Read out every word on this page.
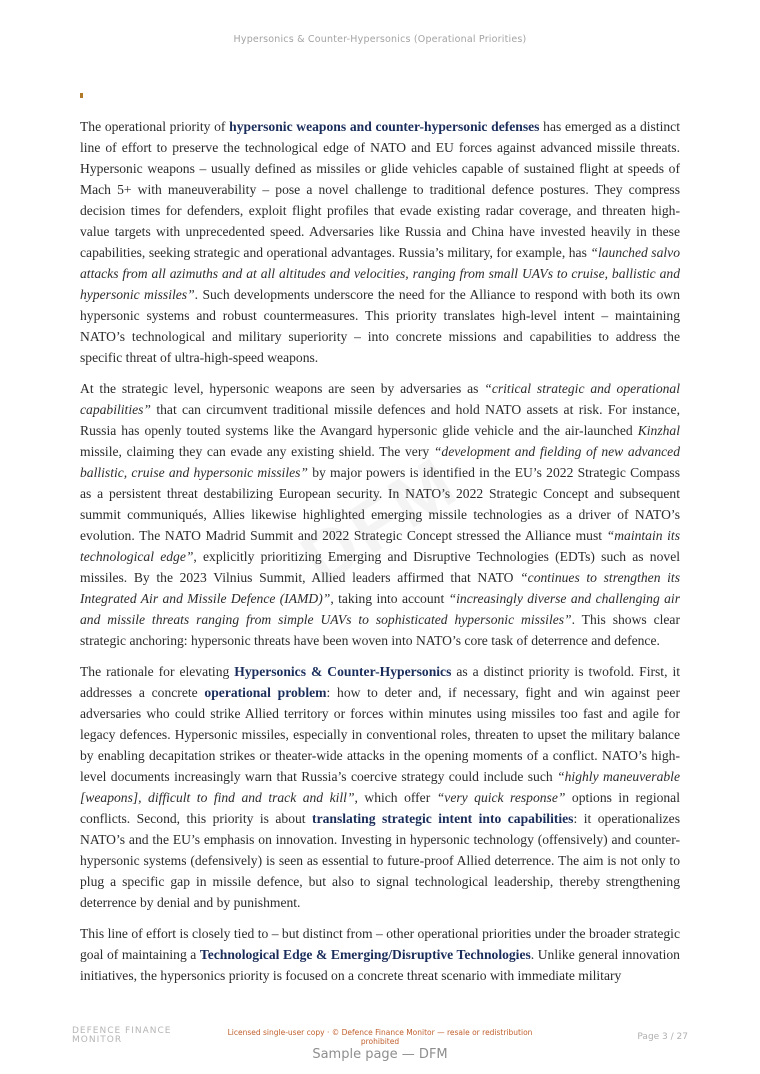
Hypersonics & Counter-Hypersonics (Operational Priorities)

The operational priority of hypersonic weapons and counter-hypersonic defenses has emerged as a distinct line of effort to preserve the technological edge of NATO and EU forces against advanced missile threats. Hypersonic weapons – usually defined as missiles or glide vehicles capable of sustained flight at speeds of Mach 5+ with maneuverability – pose a novel challenge to traditional defence postures. They compress decision times for defenders, exploit flight profiles that evade existing radar coverage, and threaten high-value targets with unprecedented speed. Adversaries like Russia and China have invested heavily in these capabilities, seeking strategic and operational advantages. Russia’s military, for example, has “launched salvo attacks from all azimuths and at all altitudes and velocities, ranging from small UAVs to cruise, ballistic and hypersonic missiles”. Such developments underscore the need for the Alliance to respond with both its own hypersonic systems and robust countermeasures. This priority translates high-level intent – maintaining NATO’s technological and military superiority – into concrete missions and capabilities to address the specific threat of ultra-high-speed weapons.

At the strategic level, hypersonic weapons are seen by adversaries as “critical strategic and operational capabilities” that can circumvent traditional missile defences and hold NATO assets at risk. For instance, Russia has openly touted systems like the Avangard hypersonic glide vehicle and the air-launched Kinzhal missile, claiming they can evade any existing shield. The very “development and fielding of new advanced ballistic, cruise and hypersonic missiles” by major powers is identified in the EU’s 2022 Strategic Compass as a persistent threat destabilizing European security. In NATO’s 2022 Strategic Concept and subsequent summit communiqués, Allies likewise highlighted emerging missile technologies as a driver of NATO’s evolution. The NATO Madrid Summit and 2022 Strategic Concept stressed the Alliance must “maintain its technological edge”, explicitly prioritizing Emerging and Disruptive Technologies (EDTs) such as novel missiles. By the 2023 Vilnius Summit, Allied leaders affirmed that NATO “continues to strengthen its Integrated Air and Missile Defence (IAMD)”, taking into account “increasingly diverse and challenging air and missile threats ranging from simple UAVs to sophisticated hypersonic missiles”. This shows clear strategic anchoring: hypersonic threats have been woven into NATO’s core task of deterrence and defence.

The rationale for elevating Hypersonics & Counter-Hypersonics as a distinct priority is twofold. First, it addresses a concrete operational problem: how to deter and, if necessary, fight and win against peer adversaries who could strike Allied territory or forces within minutes using missiles too fast and agile for legacy defences. Hypersonic missiles, especially in conventional roles, threaten to upset the military balance by enabling decapitation strikes or theater-wide attacks in the opening moments of a conflict. NATO’s high-level documents increasingly warn that Russia’s coercive strategy could include such “highly maneuverable [weapons], difficult to find and track and kill”, which offer “very quick response” options in regional conflicts. Second, this priority is about translating strategic intent into capabilities: it operationalizes NATO’s and the EU’s emphasis on innovation. Investing in hypersonic technology (offensively) and counter-hypersonic systems (defensively) is seen as essential to future-proof Allied deterrence. The aim is not only to plug a specific gap in missile defence, but also to signal technological leadership, thereby strengthening deterrence by denial and by punishment.

This line of effort is closely tied to – but distinct from – other operational priorities under the broader strategic goal of maintaining a Technological Edge & Emerging/Disruptive Technologies. Unlike general innovation initiatives, the hypersonics priority is focused on a concrete threat scenario with immediate military

DEFENCE FINANCE
MONITOR
Licensed single-user copy · © Defence Finance Monitor — resale or redistribution
prohibited	Page 3 / 27
Sample page — DFM
